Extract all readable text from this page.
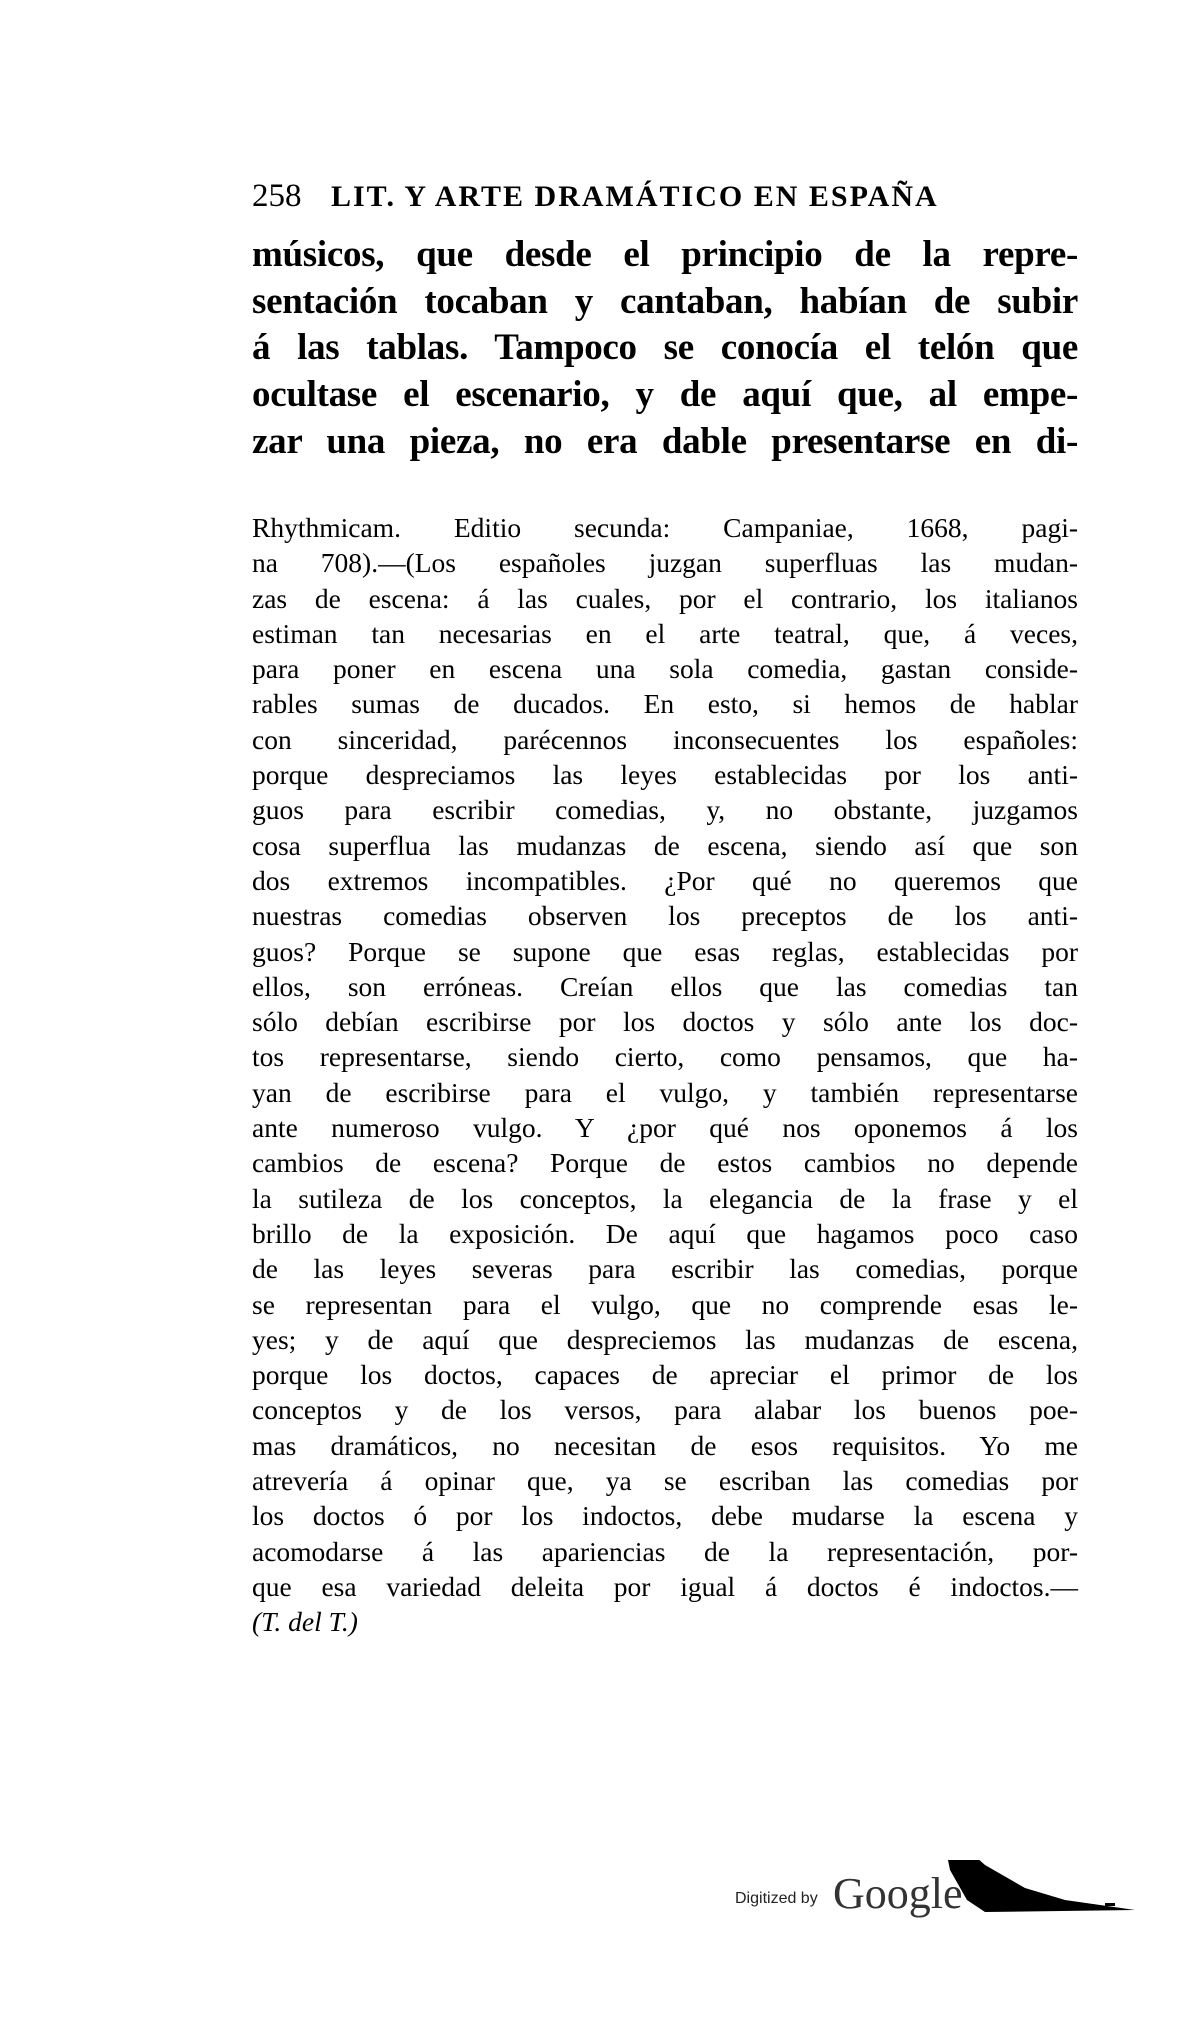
258 LIT. Y ARTE DRAMÁTICO EN ESPAÑA
músicos, que desde el principio de la repre-
sentación tocaban y cantaban, habían de subir
á las tablas. Tampoco se conocía el telón que
ocultase el escenario, y de aquí que, al empe-
zar una pieza, no era dable presentarse en di-
Rhythmicam. Editio secunda: Campaniae, 1668, pagi-
na 708).—(Los españoles juzgan superfluas las mudan-
zas de escena: á las cuales, por el contrario, los italianos
estiman tan necesarias en el arte teatral, que, á veces,
para poner en escena una sola comedia, gastan conside-
rables sumas de ducados. En esto, si hemos de hablar
con sinceridad, parécennos inconsecuentes los españoles:
porque despreciamos las leyes establecidas por los anti-
guos para escribir comedias, y, no obstante, juzgamos
cosa superflua las mudanzas de escena, siendo así que son
dos extremos incompatibles. ¿Por qué no queremos que
nuestras comedias observen los preceptos de los anti-
guos? Porque se supone que esas reglas, establecidas por
ellos, son erróneas. Creían ellos que las comedias tan
sólo debían escribirse por los doctos y sólo ante los doc-
tos representarse, siendo cierto, como pensamos, que ha-
yan de escribirse para el vulgo, y también representarse
ante numeroso vulgo. Y ¿por qué nos oponemos á los
cambios de escena? Porque de estos cambios no depende
la sutileza de los conceptos, la elegancia de la frase y el
brillo de la exposición. De aquí que hagamos poco caso
de las leyes severas para escribir las comedias, porque
se representan para el vulgo, que no comprende esas le-
yes; y de aquí que despreciemos las mudanzas de escena,
porque los doctos, capaces de apreciar el primor de los
conceptos y de los versos, para alabar los buenos poe-
mas dramáticos, no necesitan de esos requisitos. Yo me
atrevería á opinar que, ya se escriban las comedias por
los doctos ó por los indoctos, debe mudarse la escena y
acomodarse á las apariencias de la representación, por-
que esa variedad deleita por igual á doctos é indoctos.—
(T. del T.)
Digitized by Google
